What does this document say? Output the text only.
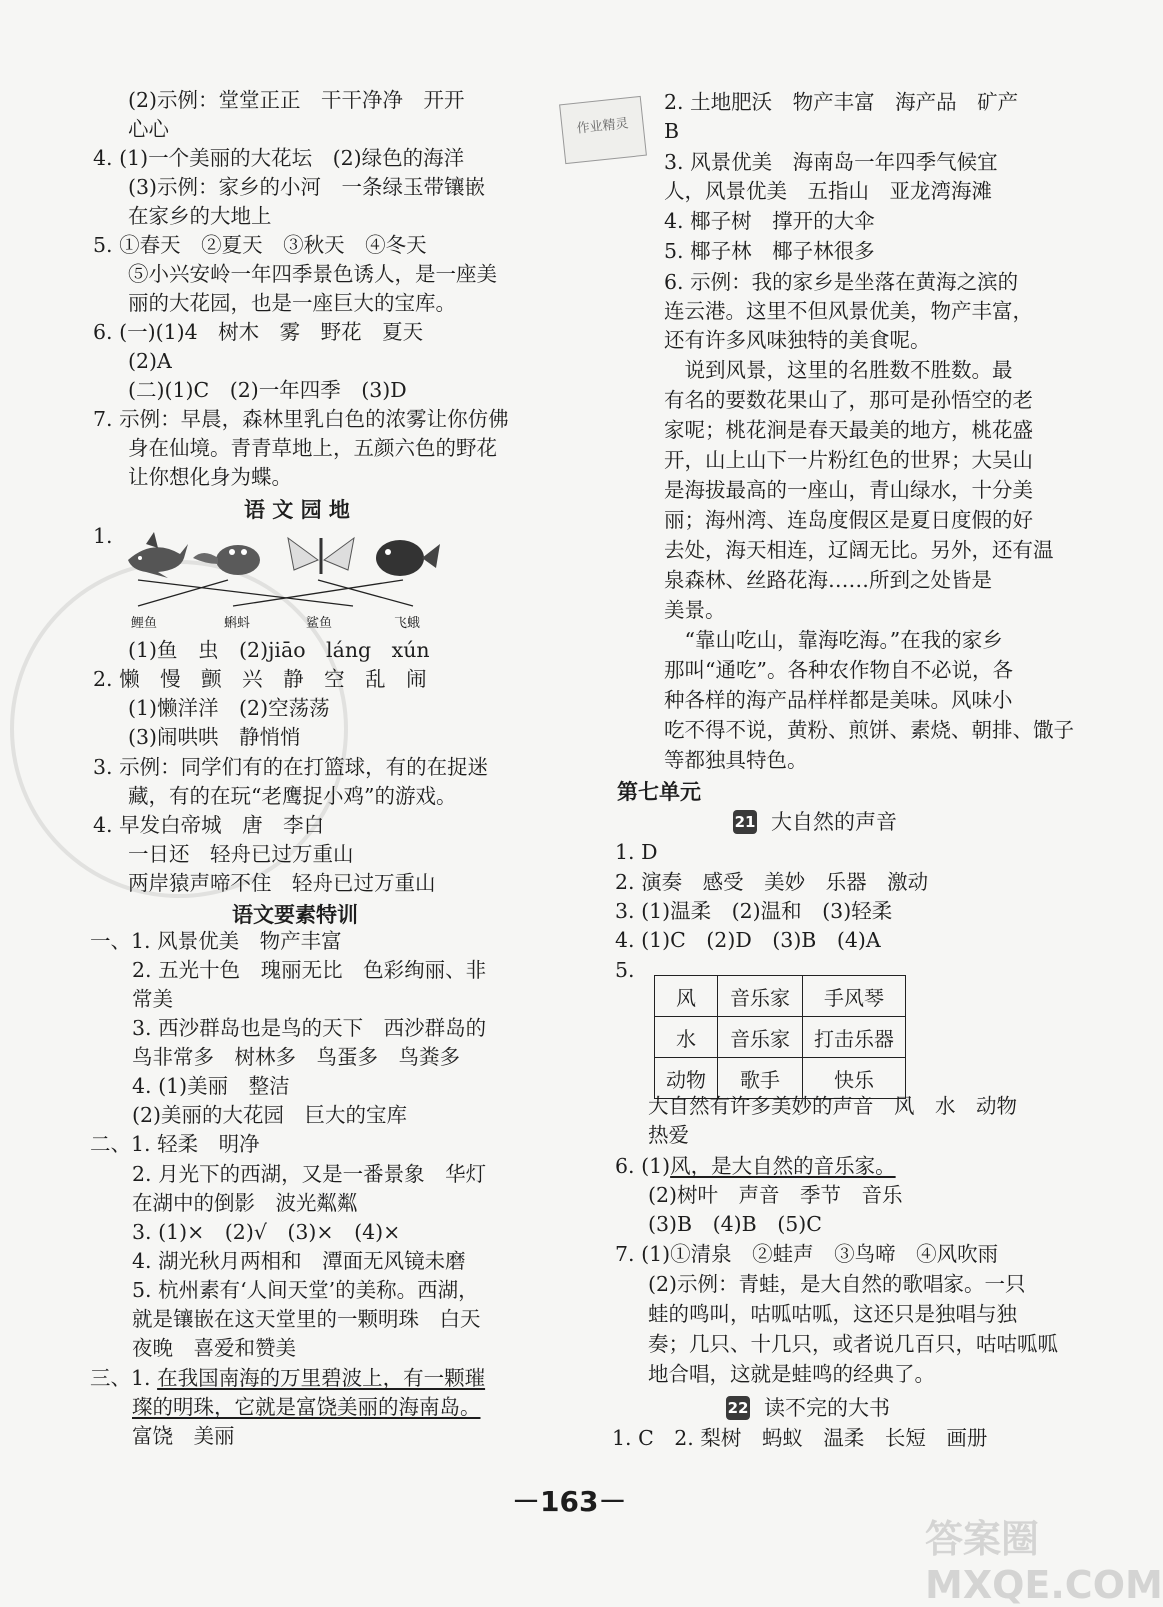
(2)示例：堂堂正正　干干净净　开开
心心
4. (1)一个美丽的大花坛　(2)绿色的海洋
(3)示例：家乡的小河　一条绿玉带镶嵌
在家乡的大地上
5. ①春天　②夏天　③秋天　④冬天
⑤小兴安岭一年四季景色诱人，是一座美
丽的大花园，也是一座巨大的宝库。
6. (一)(1)4　树木　雾　野花　夏天
(2)A
(二)(1)C　(2)一年四季　(3)D
7. 示例：早晨，森林里乳白色的浓雾让你仿佛
身在仙境。青青草地上，五颜六色的野花
让你想化身为蝶。
语 文 园 地
1.
鲤鱼	蝌蚪	鲨鱼	飞蛾
(1)鱼　虫　(2)jiāo　láng　xún
2. 懒　慢　颤　兴　静　空　乱　闹
(1)懒洋洋　(2)空荡荡
(3)闹哄哄　静悄悄
3. 示例：同学们有的在打篮球，有的在捉迷
藏，有的在玩“老鹰捉小鸡”的游戏。
4. 早发白帝城　唐　李白
一日还　轻舟已过万重山
两岸猿声啼不住　轻舟已过万重山
语文要素特训
一、1. 风景优美　物产丰富
2. 五光十色　瑰丽无比　色彩绚丽、非
常美
3. 西沙群岛也是鸟的天下　西沙群岛的
鸟非常多　树林多　鸟蛋多　鸟粪多
4. (1)美丽　整洁
(2)美丽的大花园　巨大的宝库
二、1. 轻柔　明净
2. 月光下的西湖，又是一番景象　华灯
在湖中的倒影　波光粼粼
3. (1)×　(2)√　(3)×　(4)×
4. 湖光秋月两相和　潭面无风镜未磨
5. 杭州素有‘人间天堂’的美称。西湖，
就是镶嵌在这天堂里的一颗明珠　白天
夜晚　喜爱和赞美
三、1. 在我国南海的万里碧波上，有一颗璀
璨的明珠，它就是富饶美丽的海南岛。
富饶　美丽
作业精灵
2. 土地肥沃　物产丰富　海产品　矿产
B
3. 风景优美　海南岛一年四季气候宜
人，风景优美　五指山　亚龙湾海滩
4. 椰子树　撑开的大伞
5. 椰子林　椰子林很多
6. 示例：我的家乡是坐落在黄海之滨的
连云港。这里不但风景优美，物产丰富，
还有许多风味独特的美食呢。
　说到风景，这里的名胜数不胜数。最
有名的要数花果山了，那可是孙悟空的老
家呢；桃花涧是春天最美的地方，桃花盛
开，山上山下一片粉红色的世界；大吴山
是海拔最高的一座山，青山绿水，十分美
丽；海州湾、连岛度假区是夏日度假的好
去处，海天相连，辽阔无比。另外，还有温
泉森林、丝路花海……所到之处皆是
美景。
　“靠山吃山，靠海吃海。”在我的家乡
那叫“通吃”。各种农作物自不必说，各
种各样的海产品样样都是美味。风味小
吃不得不说，黄粉、煎饼、素烧、朝排、馓子
等都独具特色。
第七单元
21 大自然的声音
1. D
2. 演奏　感受　美妙　乐器　激动
3. (1)温柔　(2)温和　(3)轻柔
4. (1)C　(2)D　(3)B　(4)A
5.
风	音乐家	手风琴
水	音乐家	打击乐器
动物	歌手	快乐
大自然有许多美妙的声音　风　水　动物
热爱
6. (1)风，是大自然的音乐家。
(2)树叶　声音　季节　音乐
(3)B　(4)B　(5)C
7. (1)①清泉　②蛙声　③鸟啼　④风吹雨
(2)示例：青蛙，是大自然的歌唱家。一只
蛙的鸣叫，咕呱咕呱，这还只是独唱与独
奏；几只、十几只，或者说几百只，咕咕呱呱
地合唱，这就是蛙鸣的经典了。
22 读不完的大书
1. C　2. 梨树　蚂蚁　温柔　长短　画册
－163－
答案圈 MXQE.COM
